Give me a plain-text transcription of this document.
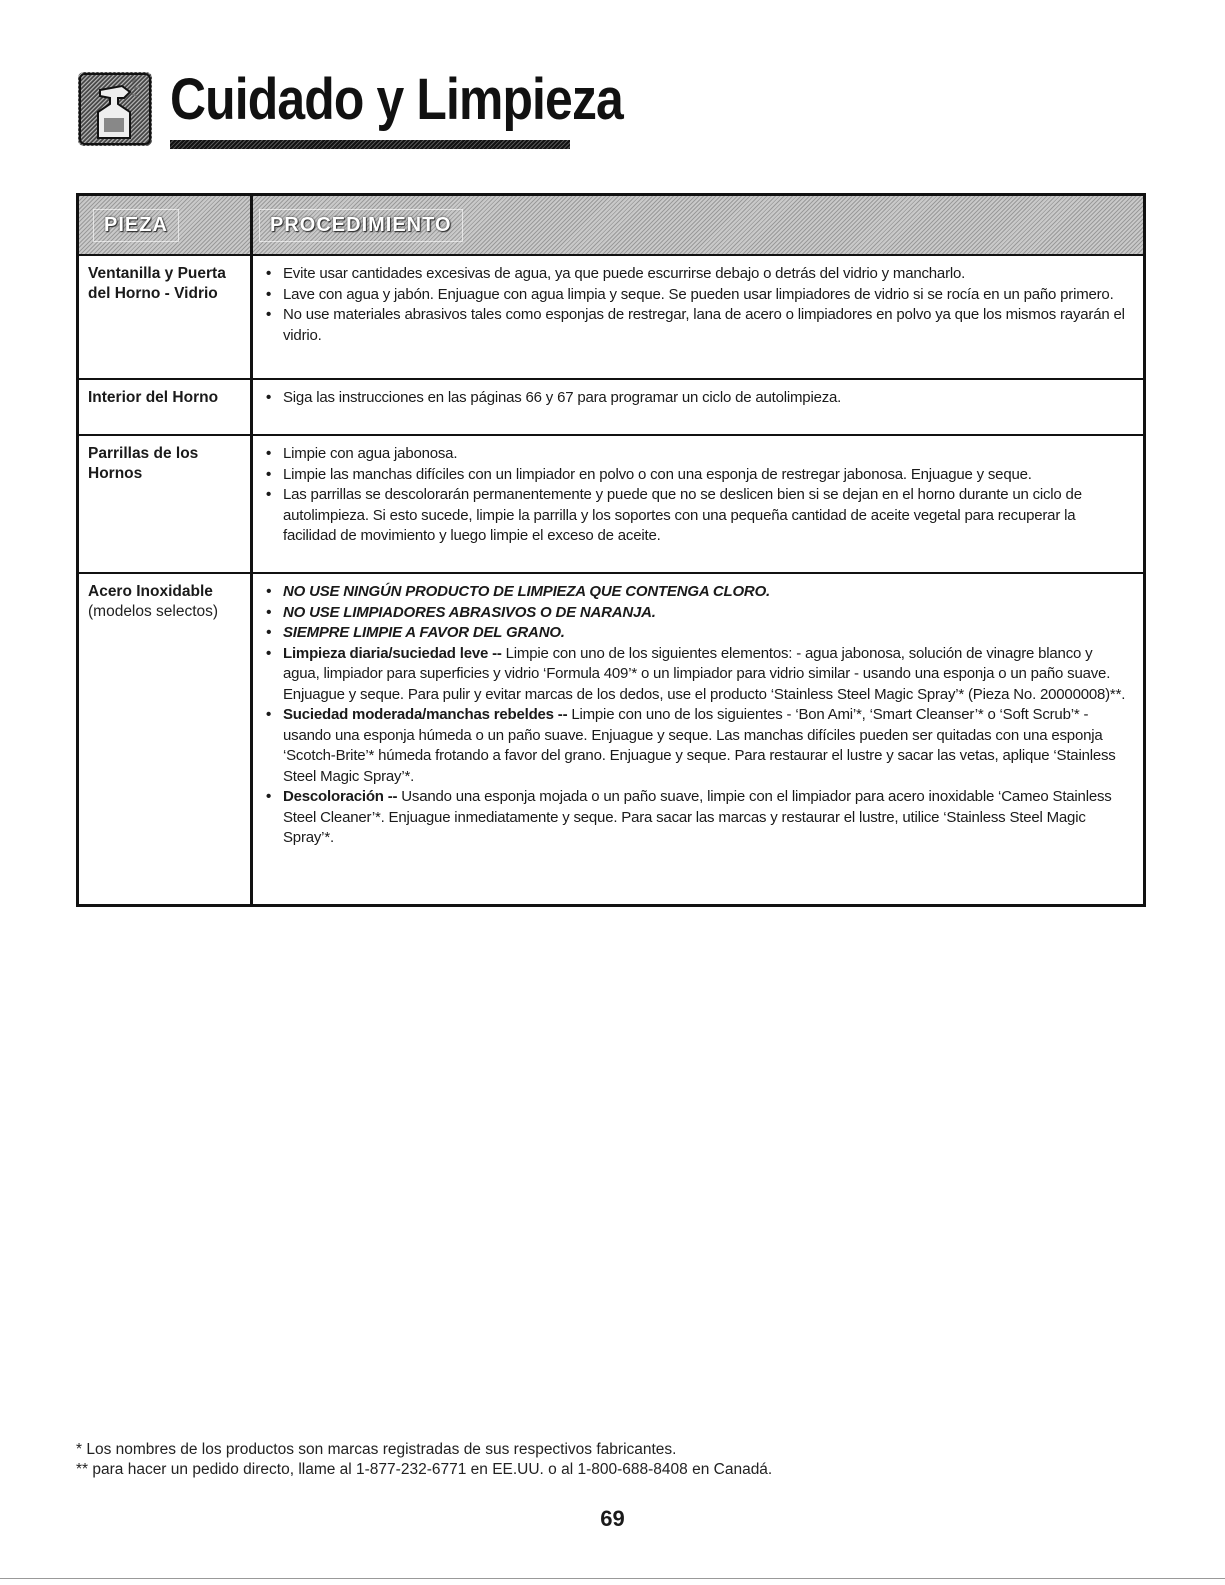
Cuidado y Limpieza
PIEZA	PROCEDIMIENTO
Ventanilla y Puerta del Horno - Vidrio
• Evite usar cantidades excesivas de agua, ya que puede escurrirse debajo o detrás del vidrio y mancharlo.
• Lave con agua y jabón. Enjuague con agua limpia y seque. Se pueden usar limpiadores de vidrio si se rocía en un paño primero.
• No use materiales abrasivos tales como esponjas de restregar, lana de acero o limpiadores en polvo ya que los mismos rayarán el vidrio.
Interior del Horno
•	Siga las instrucciones en las páginas 66 y 67 para programar un ciclo de autolimpieza.
Parrillas de los Hornos
• Limpie con agua jabonosa.
• Limpie las manchas difíciles con un limpiador en polvo o con una esponja de restregar jabonosa. Enjuague y seque.
• Las parrillas se descolorarán permanentemente y puede que no se deslicen bien si se dejan en el horno durante un ciclo de autolimpieza. Si esto sucede, limpie la parrilla y los soportes con una pequeña cantidad de aceite vegetal para recuperar la facilidad de movimiento y luego limpie el exceso de aceite.
Acero Inoxidable
(modelos selectos)
• NO USE NINGÚN PRODUCTO DE LIMPIEZA QUE CONTENGA CLORO.
• NO USE LIMPIADORES ABRASIVOS O DE NARANJA.
• SIEMPRE LIMPIE A FAVOR DEL GRANO.
• Limpieza diaria/suciedad leve -- Limpie con uno de los siguientes elementos: - agua jabonosa, solución de vinagre blanco y agua, limpiador para superficies y vidrio ‘Formula 409’* o un limpiador para vidrio similar - usando una esponja o un paño suave. Enjuague y seque. Para pulir y evitar marcas de los dedos, use el producto ‘Stainless Steel Magic Spray’* (Pieza No. 20000008)**.
• Suciedad moderada/manchas rebeldes -- Limpie con uno de los siguientes - ‘Bon Ami’*, ‘Smart Cleanser’* o ‘Soft Scrub’* - usando una esponja húmeda o un paño suave. Enjuague y seque. Las manchas difíciles pueden ser quitadas con una esponja ‘Scotch-Brite’* húmeda frotando a favor del grano. Enjuague y seque. Para restaurar el lustre y sacar las vetas, aplique ‘Stainless Steel Magic Spray’*.
• Descoloración -- Usando una esponja mojada o un paño suave, limpie con el limpiador para acero inoxidable ‘Cameo Stainless Steel Cleaner’*. Enjuague inmediatamente y seque. Para sacar las marcas y restaurar el lustre, utilice ‘Stainless Steel Magic Spray’*.
* Los nombres de los productos son marcas registradas de sus respectivos fabricantes.
** para hacer un pedido directo, llame al 1-877-232-6771 en EE.UU. o al 1-800-688-8408 en Canadá.
69
